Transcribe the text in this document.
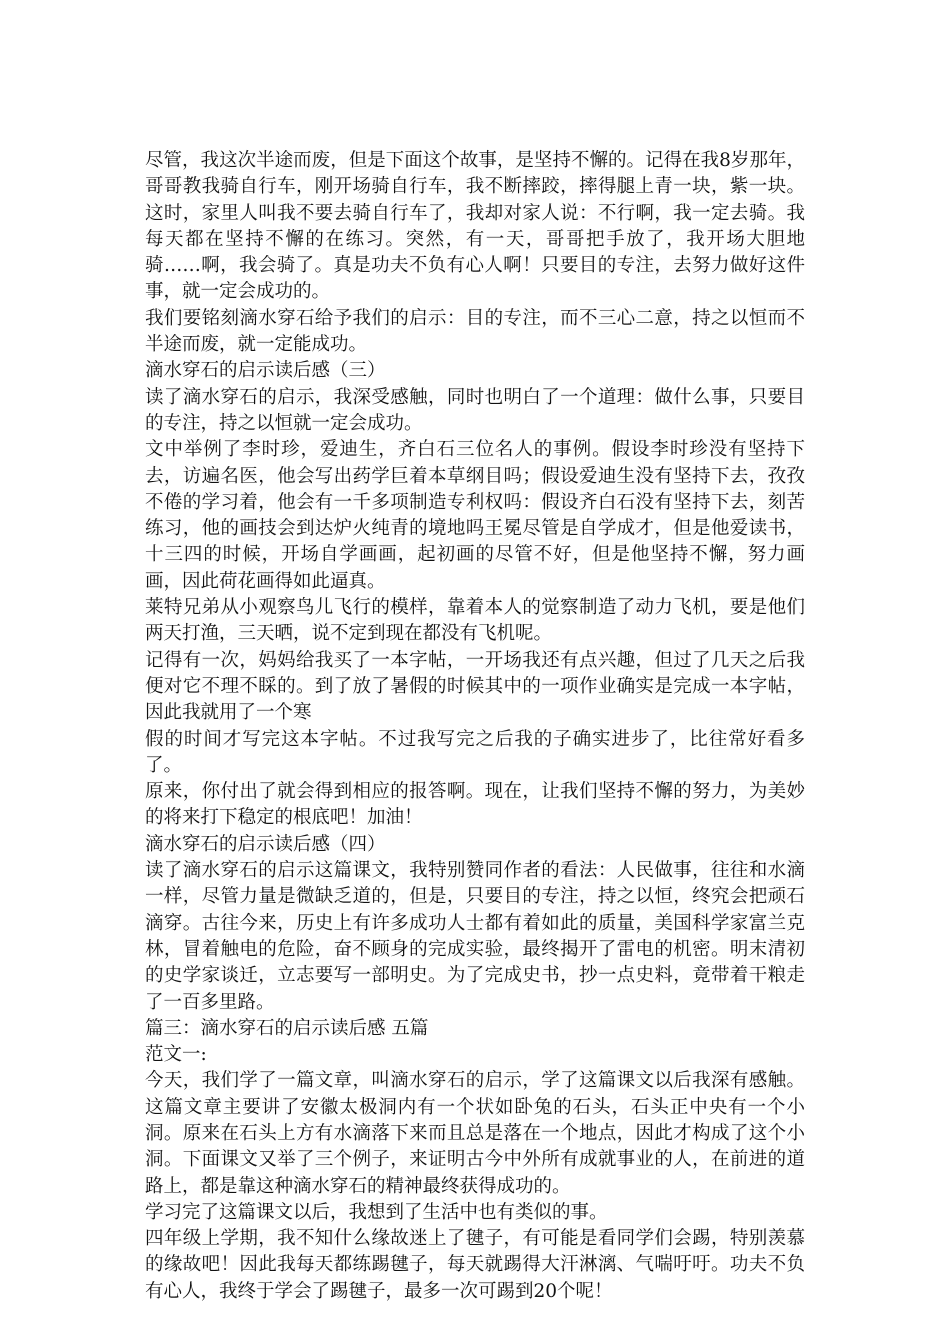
尽管，我这次半途而废，但是下面这个故事，是坚持不懈的。记得在我8岁那年，哥哥教我骑自行车，刚开场骑自行车，我不断摔跤，摔得腿上青一块，紫一块。这时，家里人叫我不要去骑自行车了，我却对家人说：不行啊，我一定去骑。我每天都在坚持不懈的在练习。突然，有一天，哥哥把手放了，我开场大胆地骑……啊，我会骑了。真是功夫不负有心人啊！只要目的专注，去努力做好这件事，就一定会成功的。

我们要铭刻滴水穿石给予我们的启示：目的专注，而不三心二意，持之以恒而不半途而废，就一定能成功。

滴水穿石的启示读后感（三）

读了滴水穿石的启示，我深受感触，同时也明白了一个道理：做什么事，只要目的专注，持之以恒就一定会成功。

文中举例了李时珍，爱迪生，齐白石三位名人的事例。假设李时珍没有坚持下去，访遍名医，他会写出药学巨着本草纲目吗；假设爱迪生没有坚持下去，孜孜不倦的学习着，他会有一千多项制造专利权吗：假设齐白石没有坚持下去，刻苦练习，他的画技会到达炉火纯青的境地吗王冕尽管是自学成才，但是他爱读书，十三四的时候，开场自学画画，起初画的尽管不好，但是他坚持不懈，努力画画，因此荷花画得如此逼真。

莱特兄弟从小观察鸟儿飞行的模样，靠着本人的觉察制造了动力飞机，要是他们两天打渔，三天晒，说不定到现在都没有飞机呢。

记得有一次，妈妈给我买了一本字帖，一开场我还有点兴趣，但过了几天之后我便对它不理不睬的。到了放了暑假的时候其中的一项作业确实是完成一本字帖，因此我就用了一个寒

假的时间才写完这本字帖。不过我写完之后我的子确实进步了，比往常好看多了。

原来，你付出了就会得到相应的报答啊。现在，让我们坚持不懈的努力，为美妙的将来打下稳定的根底吧！加油！

滴水穿石的启示读后感（四）

读了滴水穿石的启示这篇课文，我特别赞同作者的看法：人民做事，往往和水滴一样，尽管力量是微缺乏道的，但是，只要目的专注，持之以恒，终究会把顽石滴穿。古往今来，历史上有许多成功人士都有着如此的质量，美国科学家富兰克林，冒着触电的危险，奋不顾身的完成实验，最终揭开了雷电的机密。明末清初的史学家谈迁，立志要写一部明史。为了完成史书，抄一点史料，竟带着干粮走了一百多里路。

篇三：滴水穿石的启示读后感 五篇

范文一:

今天，我们学了一篇文章，叫滴水穿石的启示，学了这篇课文以后我深有感触。这篇文章主要讲了安徽太极洞内有一个状如卧兔的石头，石头正中央有一个小洞。原来在石头上方有水滴落下来而且总是落在一个地点，因此才构成了这个小洞。下面课文又举了三个例子，来证明古今中外所有成就事业的人，在前进的道路上，都是靠这种滴水穿石的精神最终获得成功的。

学习完了这篇课文以后，我想到了生活中也有类似的事。

四年级上学期，我不知什么缘故迷上了毽子，有可能是看同学们会踢，特别羡慕的缘故吧！因此我每天都练踢毽子，每天就踢得大汗淋漓、气喘吁吁。功夫不负有心人，我终于学会了踢毽子，最多一次可踢到20个呢！
